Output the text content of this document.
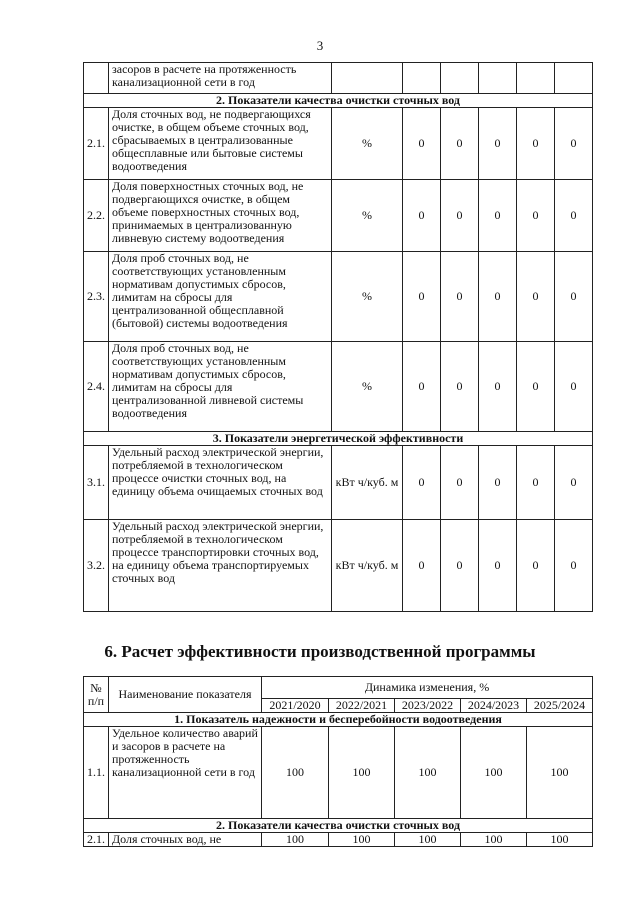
3
	засоров в расчете на протяженность канализационной сети в год						
2. Показатели качества очистки сточных вод							
2.1.	Доля сточных вод, не подвергающихся очистке, в общем объеме сточных вод, сбрасываемых в централизованные общесплавные или бытовые системы водоотведения	%	0	0	0	0	0
2.2.	Доля поверхностных сточных вод, не подвергающихся очистке, в общем объеме поверхностных сточных вод, принимаемых в централизованную ливневую систему водоотведения	%	0	0	0	0	0
2.3.	Доля проб сточных вод, не соответствующих установленным нормативам допустимых сбросов, лимитам на сбросы для централизованной общесплавной (бытовой) системы водоотведения	%	0	0	0	0	0
2.4.	Доля проб сточных вод, не соответствующих установленным нормативам допустимых сбросов, лимитам на сбросы для централизованной ливневой системы водоотведения	%	0	0	0	0	0
3. Показатели энергетической эффективности							
3.1.	Удельный расход электрической энергии, потребляемой в технологическом процессе очистки сточных вод, на единицу объема очищаемых сточных вод	кВт ч/куб. м	0	0	0	0	0
3.2.	Удельный расход электрической энергии, потребляемой в технологическом процессе транспортировки сточных вод, на единицу объема транспортируемых сточных вод	кВт ч/куб. м	0	0	0	0	0
6. Расчет эффективности производственной программы
№ п/п	Наименование показателя	Динамика изменения, %				
		2021/2020	2022/2021	2023/2022	2024/2023	2025/2024
1. Показатель надежности и бесперебойности водоотведения						
1.1.	Удельное количество аварий и засоров в расчете на протяженность канализационной сети в год	100	100	100	100	100
2. Показатели качества очистки сточных вод						
2.1.	Доля сточных вод, не	100	100	100	100	100
